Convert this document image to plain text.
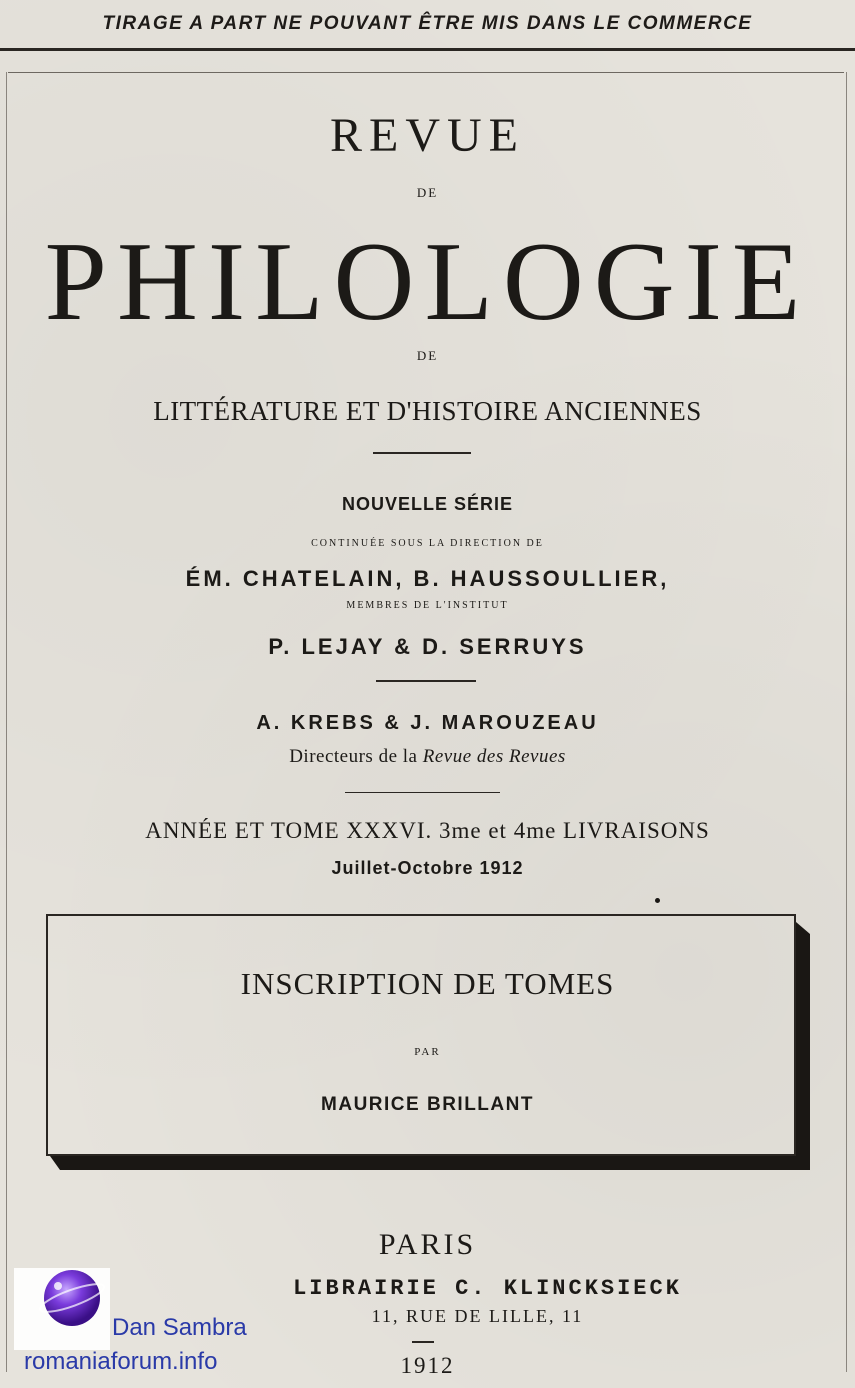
TIRAGE A PART NE POUVANT ÊTRE MIS DANS LE COMMERCE
REVUE
DE
PHILOLOGIE
DE
LITTÉRATURE ET D'HISTOIRE ANCIENNES
NOUVELLE SÉRIE
CONTINUÉE SOUS LA DIRECTION DE
ÉM. CHATELAIN, B. HAUSSOULLIER,
MEMBRES DE L'INSTITUT
P. LEJAY & D. SERRUYS
A. KREBS & J. MAROUZEAU
Directeurs de la Revue des Revues
ANNÉE ET TOME XXXVI. 3me et 4me LIVRAISONS
Juillet-Octobre 1912
INSCRIPTION DE TOMES
PAR
MAURICE BRILLANT
PARIS
LIBRAIRIE C. KLINCKSIECK
11, RUE DE LILLE, 11
1912
Dan Sambra
romaniaforum.info
